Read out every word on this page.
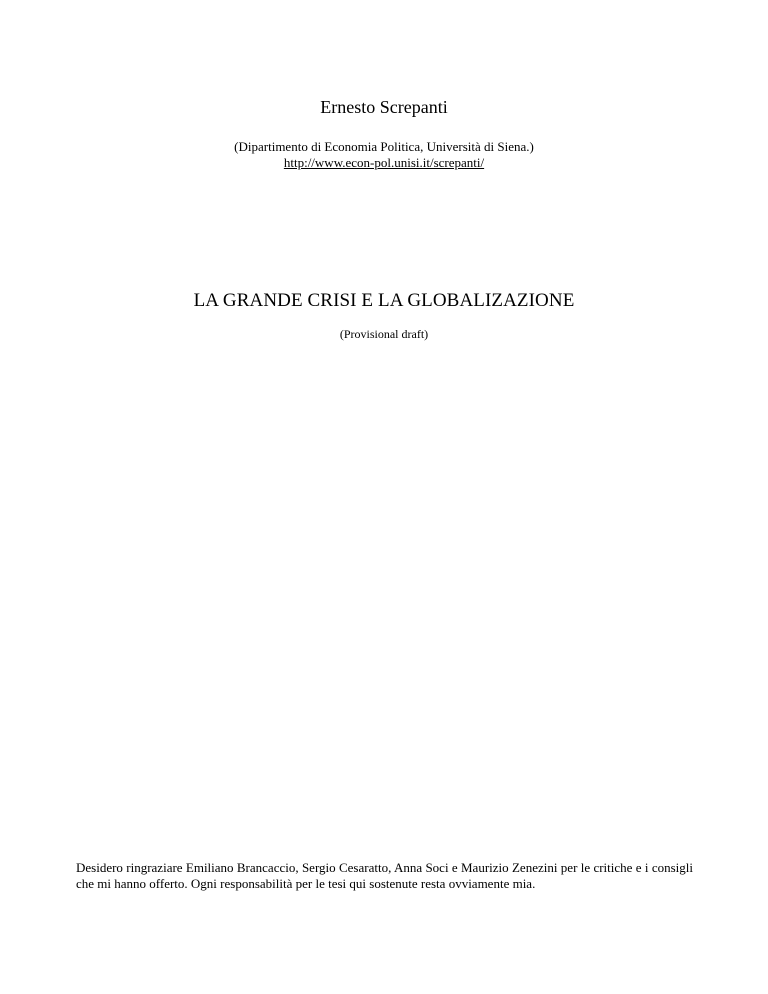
Ernesto Screpanti
(Dipartimento di Economia Politica, Università di Siena.)
http://www.econ-pol.unisi.it/screpanti/
LA GRANDE CRISI E LA GLOBALIZAZIONE
(Provisional draft)
Desidero ringraziare Emiliano Brancaccio, Sergio Cesaratto, Anna Soci e Maurizio Zenezini per le critiche e i consigli che mi hanno offerto. Ogni responsabilità per le tesi qui sostenute resta ovviamente mia.
